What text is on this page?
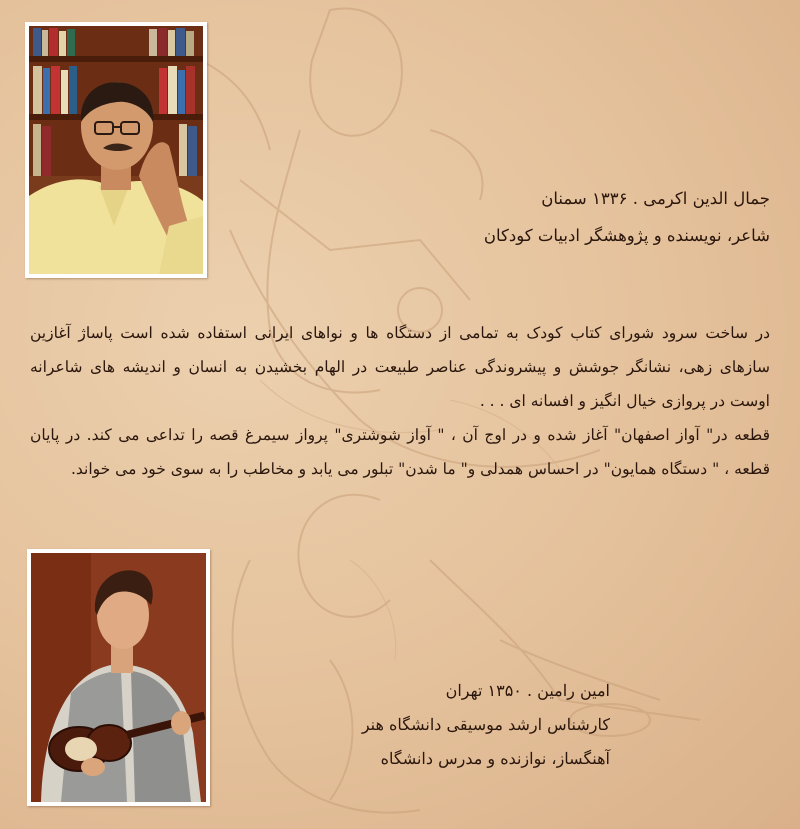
جمال الدین اکرمی . ۱۳۳۶ سمنان
شاعر، نویسنده و پژوهشگر ادبیات کودکان

در ساخت سرود شورای کتاب کودک به تمامی از دستگاه ها و نواهای ایرانی استفاده شده است پاساژ آغازین سازهای زهی، نشانگر جوشش و پیشروندگی عناصر طبیعت در الهام بخشیدن به انسان و اندیشه های شاعرانه اوست در پروازی خیال انگیز و افسانه ای . . .

قطعه در" آواز اصفهان" آغاز شده و در اوج آن ، " آواز شوشتری" پرواز سیمرغ قصه را تداعی می کند. در پایان قطعه ، " دستگاه همایون" در احساس همدلی و" ما شدن" تبلور می یابد و مخاطب را به سوی خود می خواند.

امین رامین . ۱۳۵۰ تهران
کارشناس ارشد موسیقی دانشگاه هنر
آهنگساز، نوازنده و مدرس دانشگاه
